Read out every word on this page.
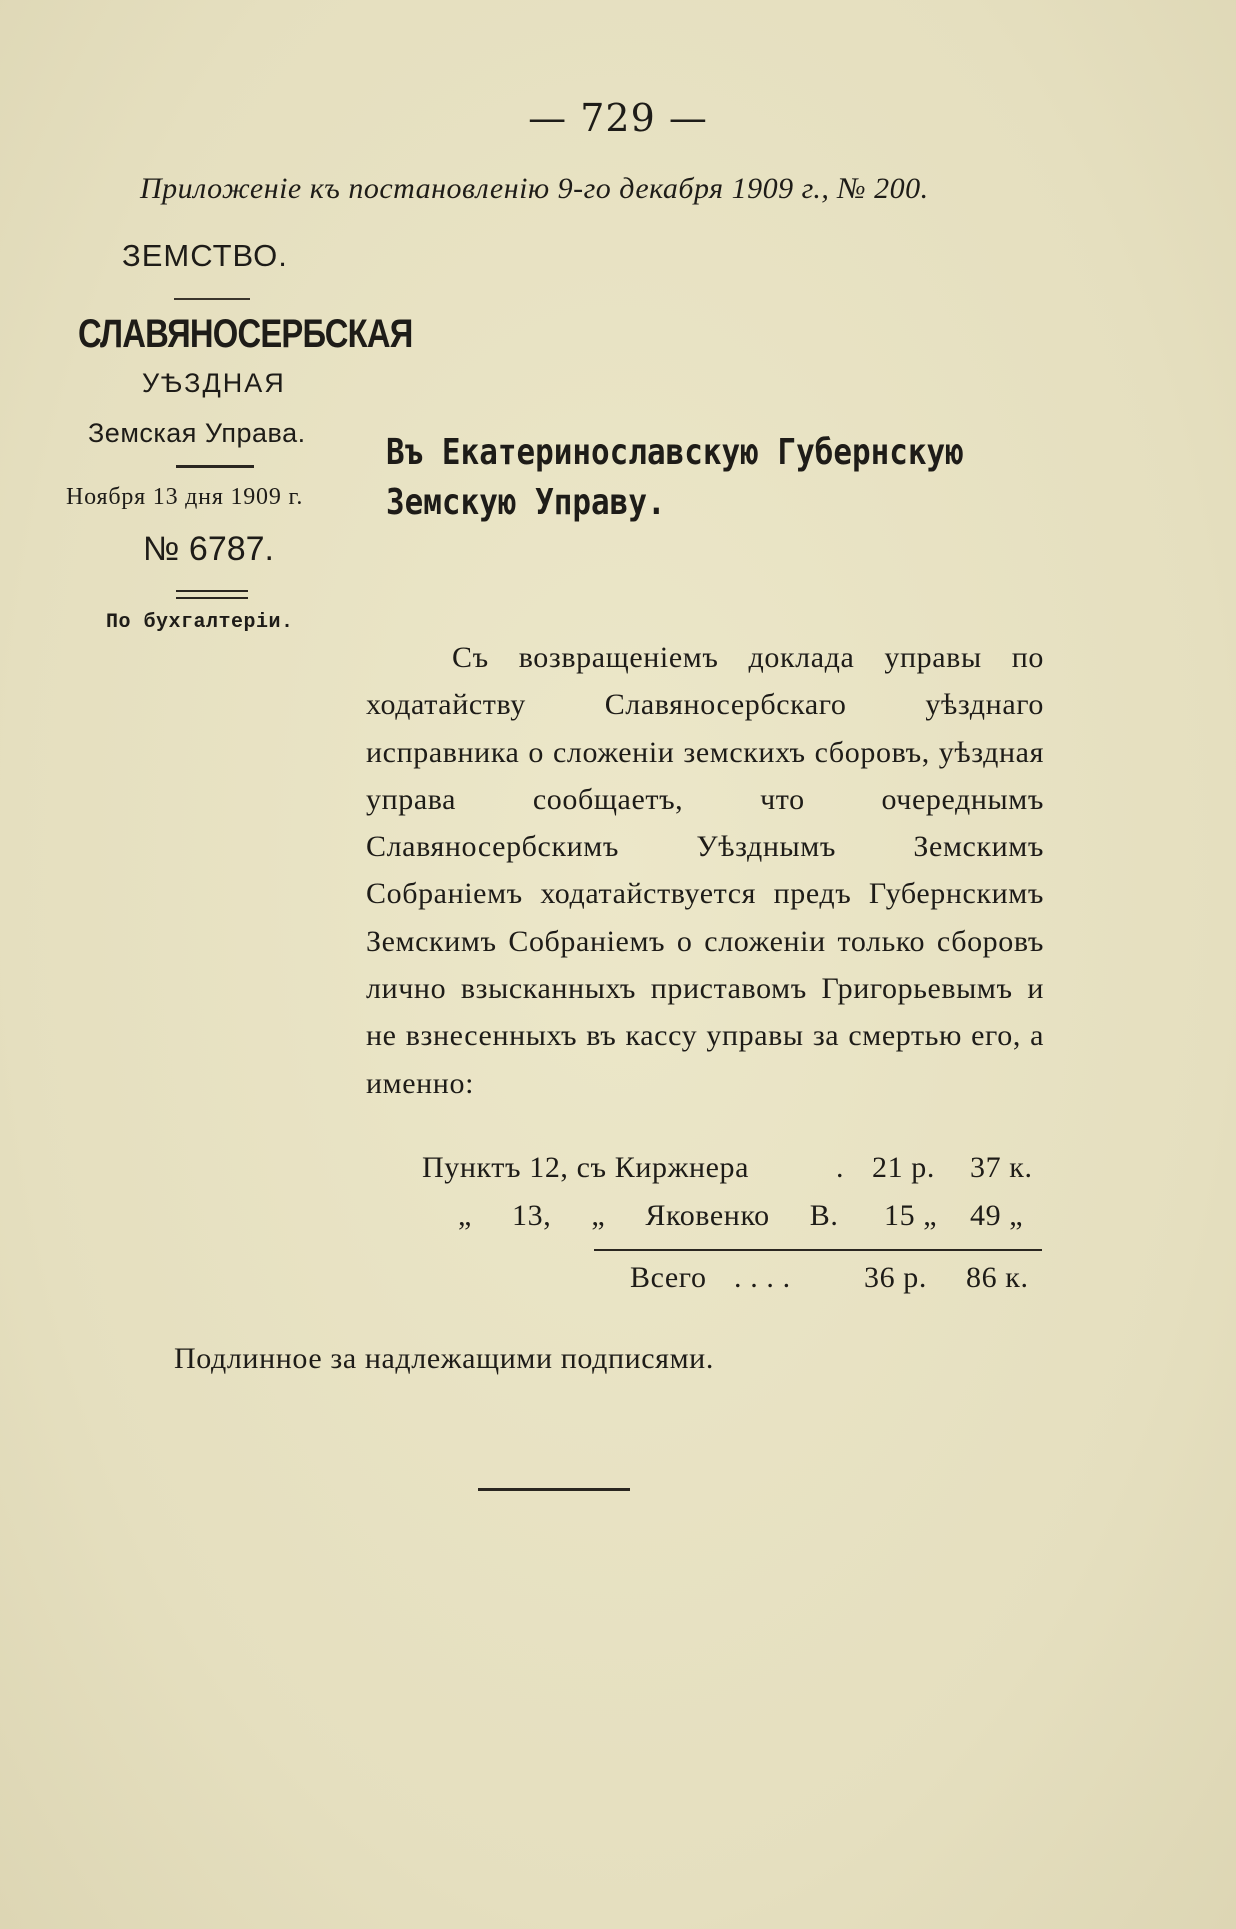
— 729 —
Приложеніе къ постановленію 9-го декабря 1909 г., № 200.
ЗЕМСТВО.
СЛАВЯНОСЕРБСКАЯ
УѢЗДНАЯ
Земская Управа.
Ноября 13 дня 1909 г.
№ 6787.
По бухгалтеріи.
Въ Екатеринославскую Губернскую
Земскую Управу.
Съ возвращеніемъ доклада управы по ходатайству Славяносербскаго уѣзднаго исправника о сложеніи земскихъ сборовъ, уѣздная управа сообщаетъ, что очереднымъ Славяносербскимъ Уѣзднымъ Земскимъ Собраніемъ ходатайствуется предъ Губернскимъ Земскимъ Собраніемъ о сложеніи только сборовъ лично взысканныхъ приставомъ Григорьевымъ и не взнесенныхъ въ кассу управы за смертью его, а именно:
Пунктъ 12, съ Киржнера	. 21 р. 37 к.
„ 13, „ Яковенко В. 15 „ 49 „
Всего . . . . 36 р. 86 к.
Подлинное за надлежащими подписями.
